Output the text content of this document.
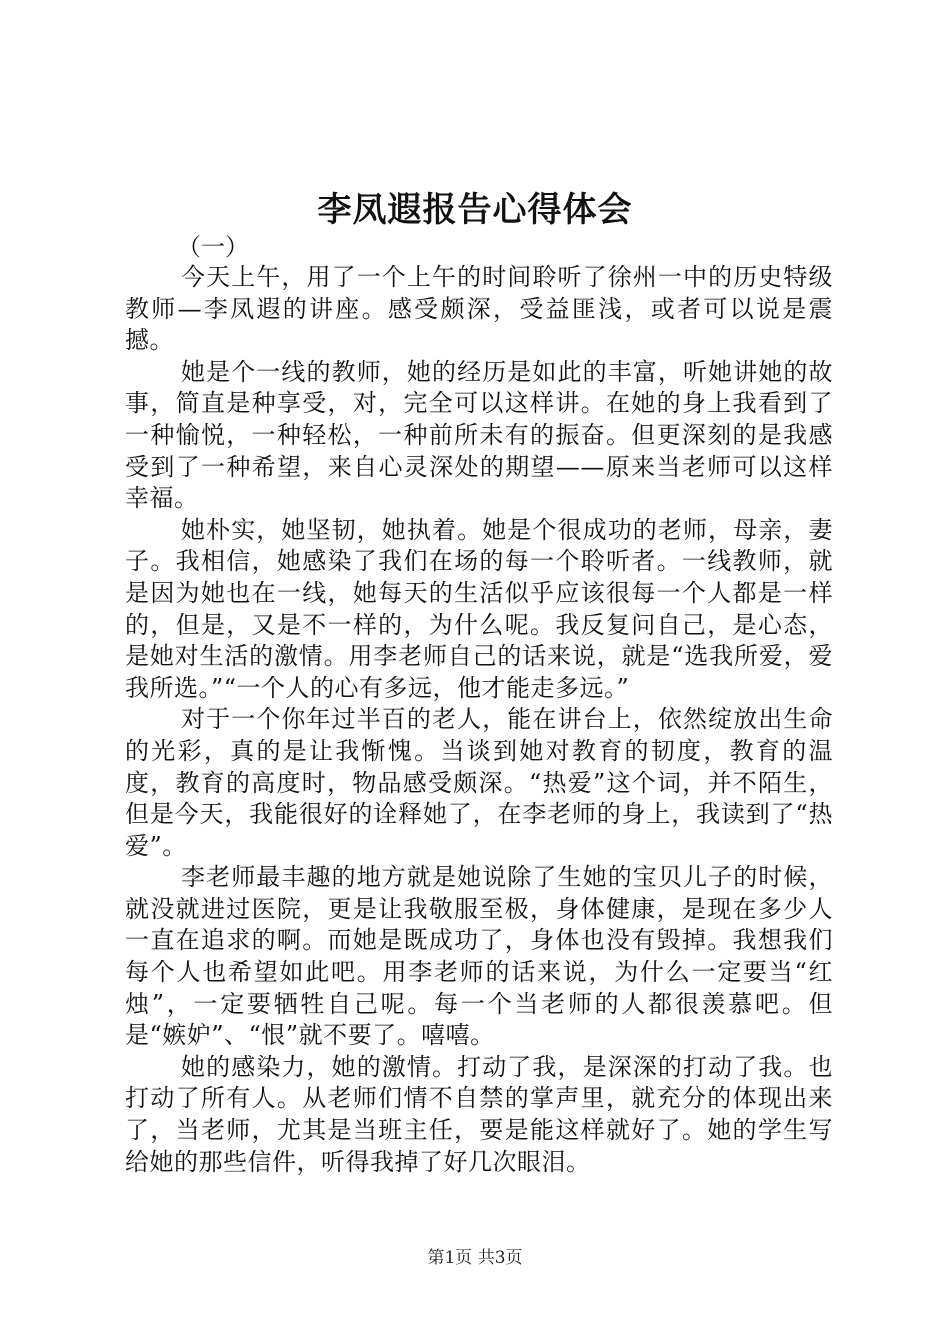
李凤遐报告心得体会
（一）

今天上午，用了一个上午的时间聆听了徐州一中的历史特级教师—李凤遐的讲座。感受颇深，受益匪浅，或者可以说是震撼。

她是个一线的教师，她的经历是如此的丰富，听她讲她的故事，简直是种享受，对，完全可以这样讲。在她的身上我看到了一种愉悦，一种轻松，一种前所未有的振奋。但更深刻的是我感受到了一种希望，来自心灵深处的期望——原来当老师可以这样幸福。

她朴实，她坚韧，她执着。她是个很成功的老师，母亲，妻子。我相信，她感染了我们在场的每一个聆听者。一线教师，就是因为她也在一线，她每天的生活似乎应该很每一个人都是一样的，但是，又是不一样的，为什么呢。我反复问自己，是心态，是她对生活的激情。用李老师自己的话来说，就是“选我所爱，爱我所选。”“一个人的心有多远，他才能走多远。”

对于一个你年过半百的老人，能在讲台上，依然绽放出生命的光彩，真的是让我惭愧。当谈到她对教育的韧度，教育的温度，教育的高度时，物品感受颇深。“热爱”这个词，并不陌生，但是今天，我能很好的诠释她了，在李老师的身上，我读到了“热爱”。

李老师最丰趣的地方就是她说除了生她的宝贝儿子的时候，就没就进过医院，更是让我敬服至极，身体健康，是现在多少人一直在追求的啊。而她是既成功了，身体也没有毁掉。我想我们每个人也希望如此吧。用李老师的话来说，为什么一定要当“红烛”，一定要牺牲自己呢。每一个当老师的人都很羡慕吧。但是“嫉妒”、“恨”就不要了。嘻嘻。

她的感染力，她的激情。打动了我，是深深的打动了我。也打动了所有人。从老师们情不自禁的掌声里，就充分的体现出来了，当老师，尤其是当班主任，要是能这样就好了。她的学生写给她的那些信件，听得我掉了好几次眼泪。

第1页 共3页
